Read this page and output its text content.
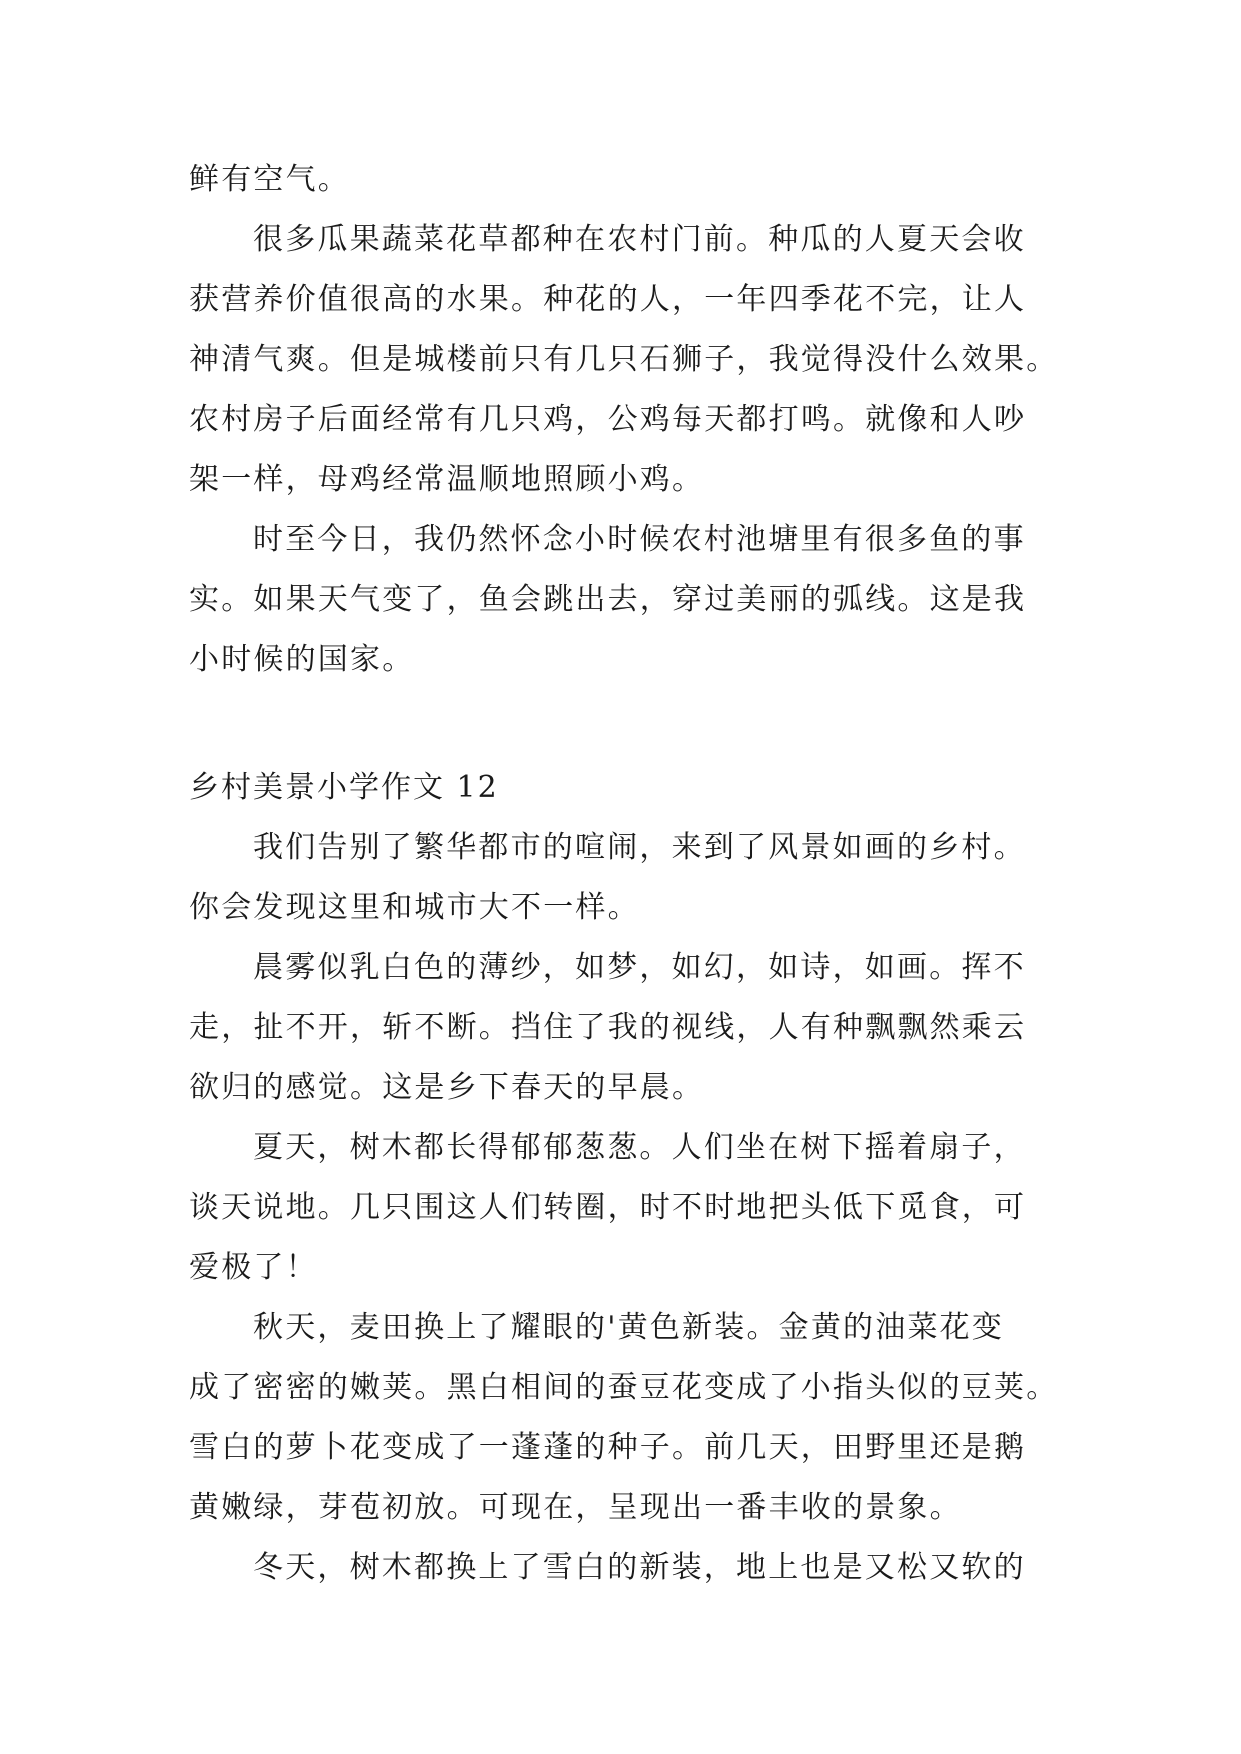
鲜有空气。
很多瓜果蔬菜花草都种在农村门前。种瓜的人夏天会收
获营养价值很高的水果。种花的人，一年四季花不完，让人
神清气爽。但是城楼前只有几只石狮子，我觉得没什么效果。
农村房子后面经常有几只鸡，公鸡每天都打鸣。就像和人吵
架一样，母鸡经常温顺地照顾小鸡。
时至今日，我仍然怀念小时候农村池塘里有很多鱼的事
实。如果天气变了，鱼会跳出去，穿过美丽的弧线。这是我
小时候的国家。
乡村美景小学作文 12
我们告别了繁华都市的喧闹，来到了风景如画的乡村。
你会发现这里和城市大不一样。
晨雾似乳白色的薄纱，如梦，如幻，如诗，如画。挥不
走，扯不开，斩不断。挡住了我的视线，人有种飘飘然乘云
欲归的感觉。这是乡下春天的早晨。
夏天，树木都长得郁郁葱葱。人们坐在树下摇着扇子，
谈天说地。几只围这人们转圈，时不时地把头低下觅食，可
爱极了！
秋天，麦田换上了耀眼的'黄色新装。金黄的油菜花变
成了密密的嫩荚。黑白相间的蚕豆花变成了小指头似的豆荚。
雪白的萝卜花变成了一蓬蓬的种子。前几天，田野里还是鹅
黄嫩绿，芽苞初放。可现在，呈现出一番丰收的景象。
冬天，树木都换上了雪白的新装，地上也是又松又软的
